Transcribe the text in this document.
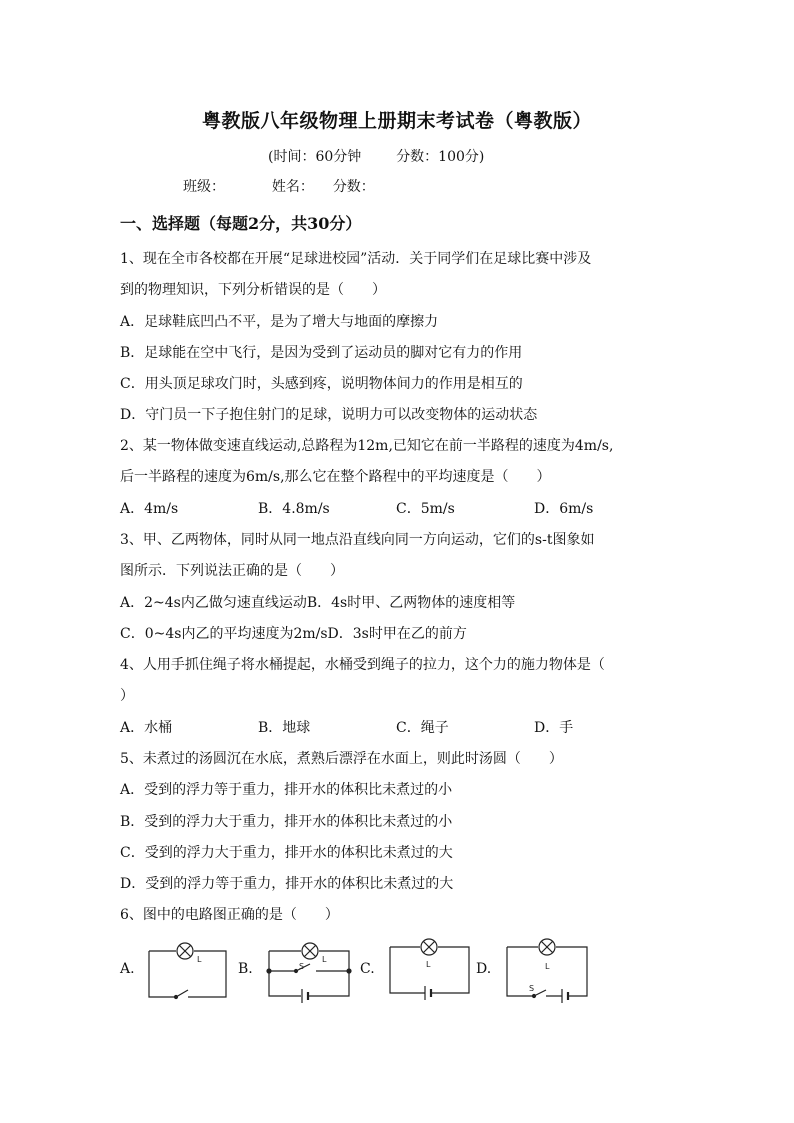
粤教版八年级物理上册期末考试卷（粤教版）
(时间：60分钟 分数：100分)
班级：	姓名： 分数：
一、选择题（每题2分，共30分）
1、现在全市各校都在开展“足球进校园”活动．关于同学们在足球比赛中涉及
到的物理知识，下列分析错误的是（　　）
A．足球鞋底凹凸不平，是为了增大与地面的摩擦力
B．足球能在空中飞行，是因为受到了运动员的脚对它有力的作用
C．用头顶足球攻门时，头感到疼，说明物体间力的作用是相互的
D．守门员一下子抱住射门的足球，说明力可以改变物体的运动状态
2、某一物体做变速直线运动,总路程为12m,已知它在前一半路程的速度为4m/s,
后一半路程的速度为6m/s,那么它在整个路程中的平均速度是（　　）
A．4m/s	B．4.8m/s	C．5m/s	D．6m/s
3、甲、乙两物体，同时从同一地点沿直线向同一方向运动，它们的s-t图象如
图所示．下列说法正确的是（　　）
A．2~4s内乙做匀速直线运动B．4s时甲、乙两物体的速度相等
C．0~4s内乙的平均速度为2m/sD．3s时甲在乙的前方
4、人用手抓住绳子将水桶提起，水桶受到绳子的拉力，这个力的施力物体是（
）
A．水桶	B．地球	C．绳子	D．手
5、未煮过的汤圆沉在水底，煮熟后漂浮在水面上，则此时汤圆（　　）
A．受到的浮力等于重力，排开水的体积比未煮过的小
B．受到的浮力大于重力，排开水的体积比未煮过的小
C．受到的浮力大于重力，排开水的体积比未煮过的大
D．受到的浮力等于重力，排开水的体积比未煮过的大
6、图中的电路图正确的是（　　）
A.	B.	C.	D.
L	L
S	L	L
S
